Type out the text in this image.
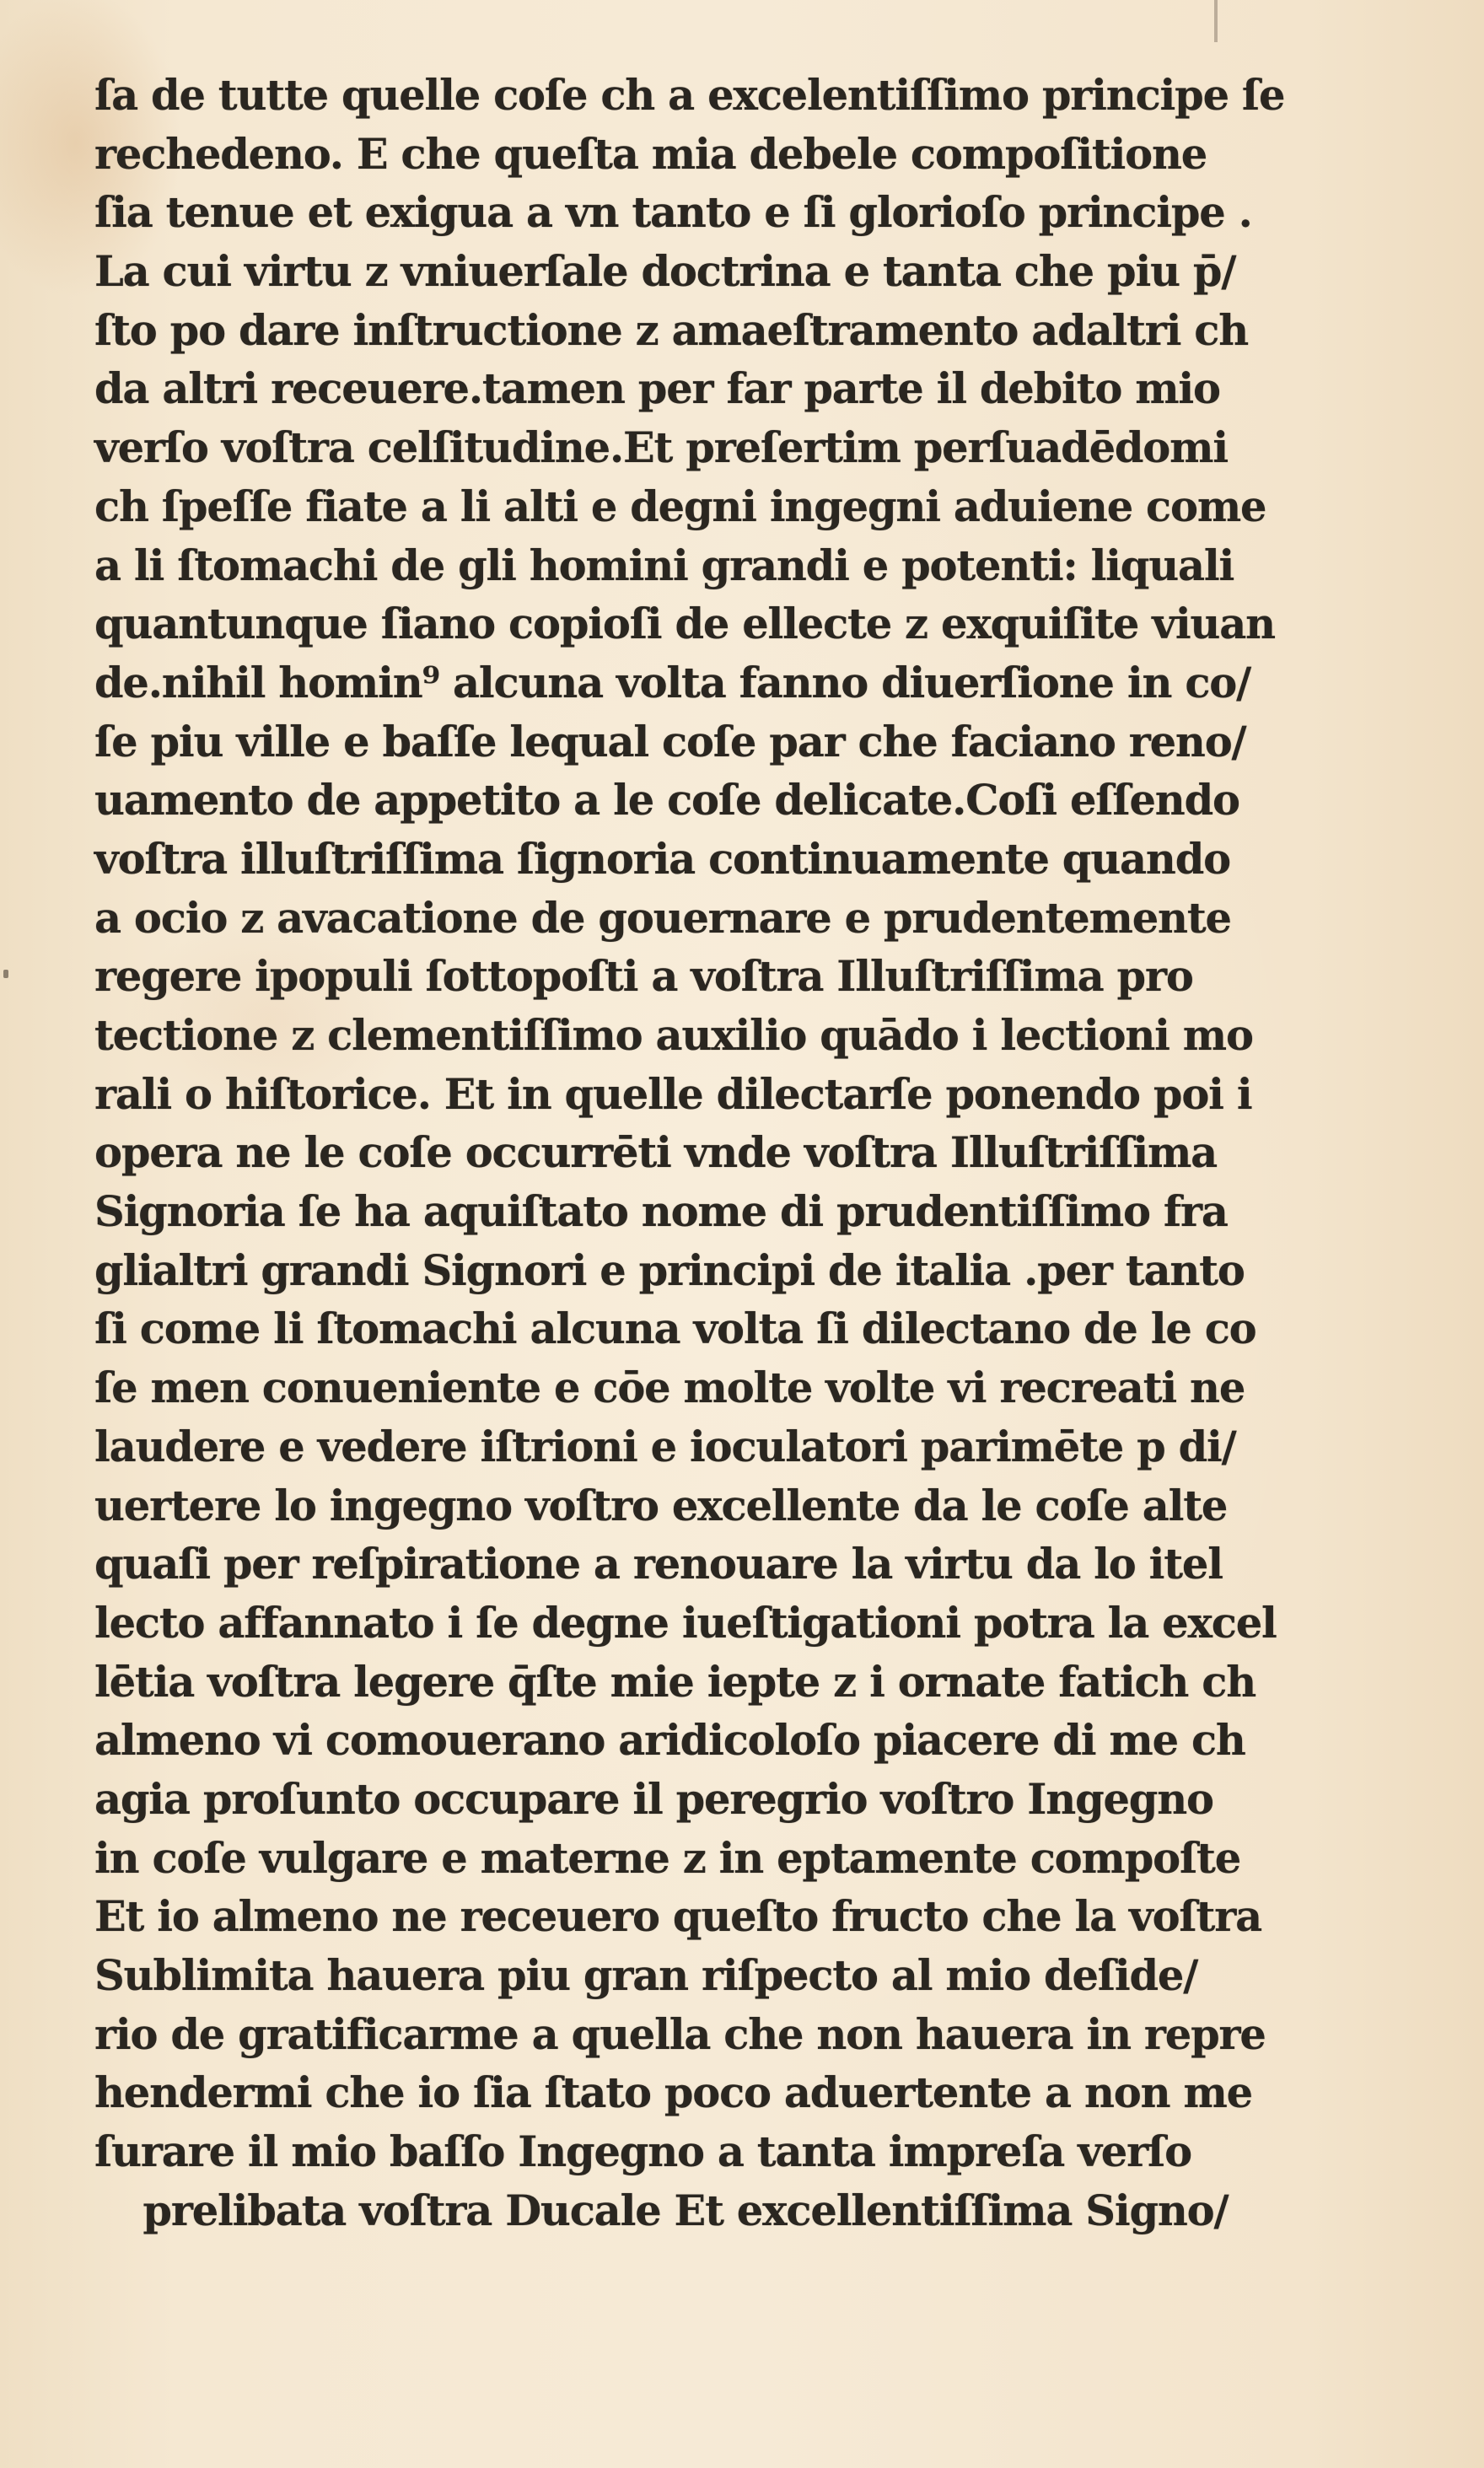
ſa de tutte quelle coſe ch a excelentiſſimo principe ſe
rechedeno. E che queſta mia debele compoſitione
ſia tenue et exigua a vn tanto e ſi glorioſo principe .
La cui virtu z vniuerſale doctrina e tanta che piu p̄/
ſto po dare inſtructione z amaeſtramento adaltri ch
da altri receuere.tamen per far parte il debito mio
verſo voſtra celſitudine.Et preſertim perſuadēdomi
ch ſpeſſe fiate a li alti e degni ingegni aduiene come
a li ſtomachi de gli homini grandi e potenti: liquali
quantunque ſiano copioſi de ellecte z exquiſite viuan
de.nihil homin⁹ alcuna volta fanno diuerſione in co/
ſe piu ville e baſſe lequal coſe par che faciano reno/
uamento de appetito a le coſe delicate.Coſi eſſendo
voſtra illuſtriſſima ſignoria continuamente quando
a ocio z avacatione de gouernare e prudentemente
regere ipopuli ſottopoſti a voſtra Illuſtriſſima pro
tectione z clementiſſimo auxilio quādo i lectioni mo
rali o hiſtorice. Et in quelle dilectarſe ponendo poi i
opera ne le coſe occurrēti vnde voſtra Illuſtriſſima
Signoria ſe ha aquiſtato nome di prudentiſſimo fra
glialtri grandi Signori e principi de italia .per tanto
ſi come li ſtomachi alcuna volta ſi dilectano de le co
ſe men conueniente e cōe molte volte vi recreati ne
laudere e vedere iſtrioni e ioculatori parimēte p di/
uertere lo ingegno voſtro excellente da le coſe alte
quaſi per reſpiratione a renouare la virtu da lo itel
lecto affannato i ſe degne iueſtigationi potra la excel
lētia voſtra legere q̄ſte mie iepte z i ornate fatich ch
almeno vi comouerano aridicoloſo piacere di me ch
agia proſunto occupare il peregrio voſtro Ingegno
in coſe vulgare e materne z in eptamente compoſte
Et io almeno ne receuero queſto fructo che la voſtra
Sublimita hauera piu gran riſpecto al mio deſide/
rio de gratificarme a quella che non hauera in repre
hendermi che io ſia ſtato poco aduertente a non me
ſurare il mio baſſo Ingegno a tanta impreſa verſo
prelibata voſtra Ducale Et excellentiſſima Signo/
